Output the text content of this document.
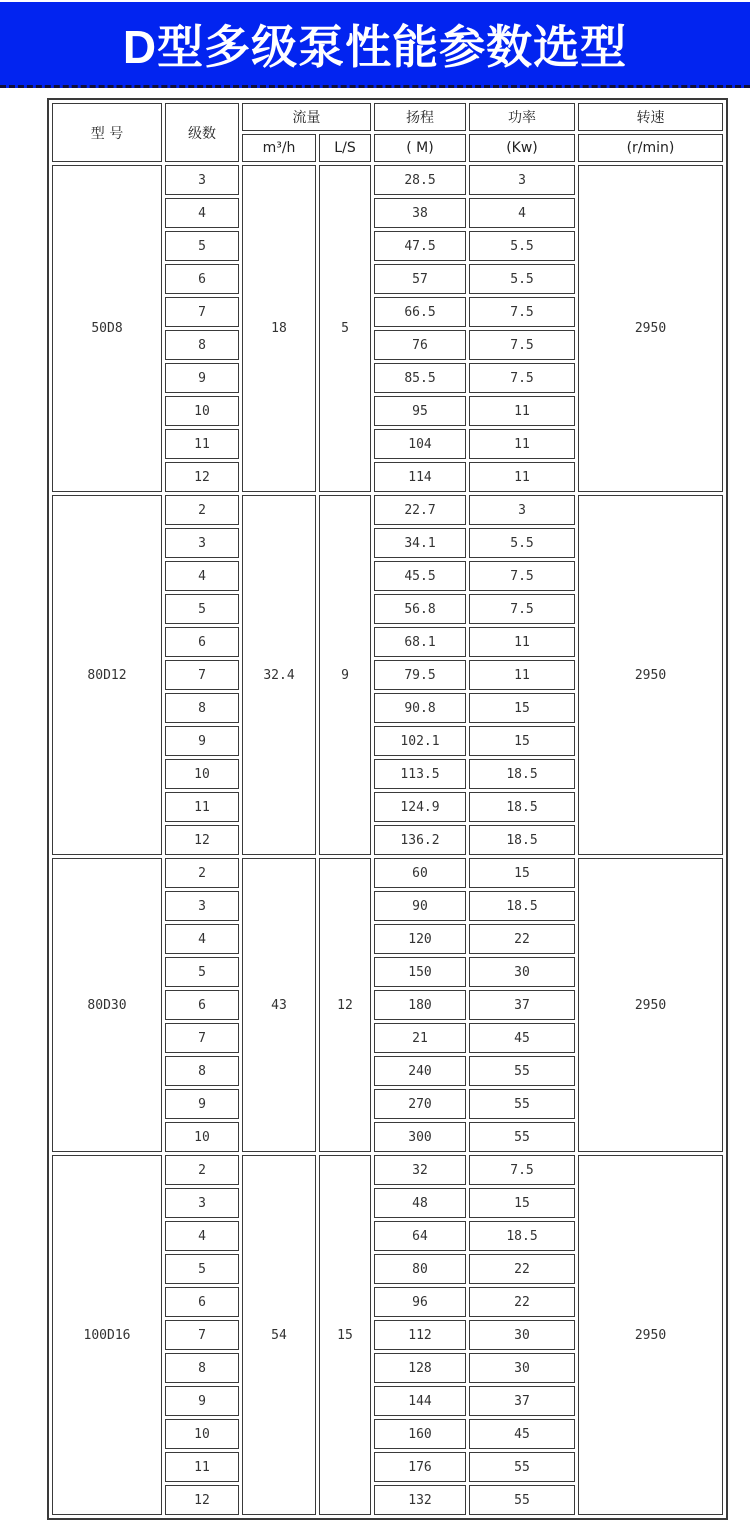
D型多级泵性能参数选型
型 号	级数	流量		扬程	功率	转速
		m³/h	L/S	( M)	(Kw)	(r/min)
50D8	3	18	5	28.5	3	2950
	4			38	4	
	5			47.5	5.5	
	6			57	5.5	
	7			66.5	7.5	
	8			76	7.5	
	9			85.5	7.5	
	10			95	11	
	11			104	11	
	12			114	11	
80D12	2	32.4	9	22.7	3	2950
	3			34.1	5.5	
	4			45.5	7.5	
	5			56.8	7.5	
	6			68.1	11	
	7			79.5	11	
	8			90.8	15	
	9			102.1	15	
	10			113.5	18.5	
	11			124.9	18.5	
	12			136.2	18.5	
80D30	2	43	12	60	15	2950
	3			90	18.5	
	4			120	22	
	5			150	30	
	6			180	37	
	7			21	45	
	8			240	55	
	9			270	55	
	10			300	55	
100D16	2	54	15	32	7.5	2950
	3			48	15	
	4			64	18.5	
	5			80	22	
	6			96	22	
	7			112	30	
	8			128	30	
	9			144	37	
	10			160	45	
	11			176	55	
	12			132	55	
